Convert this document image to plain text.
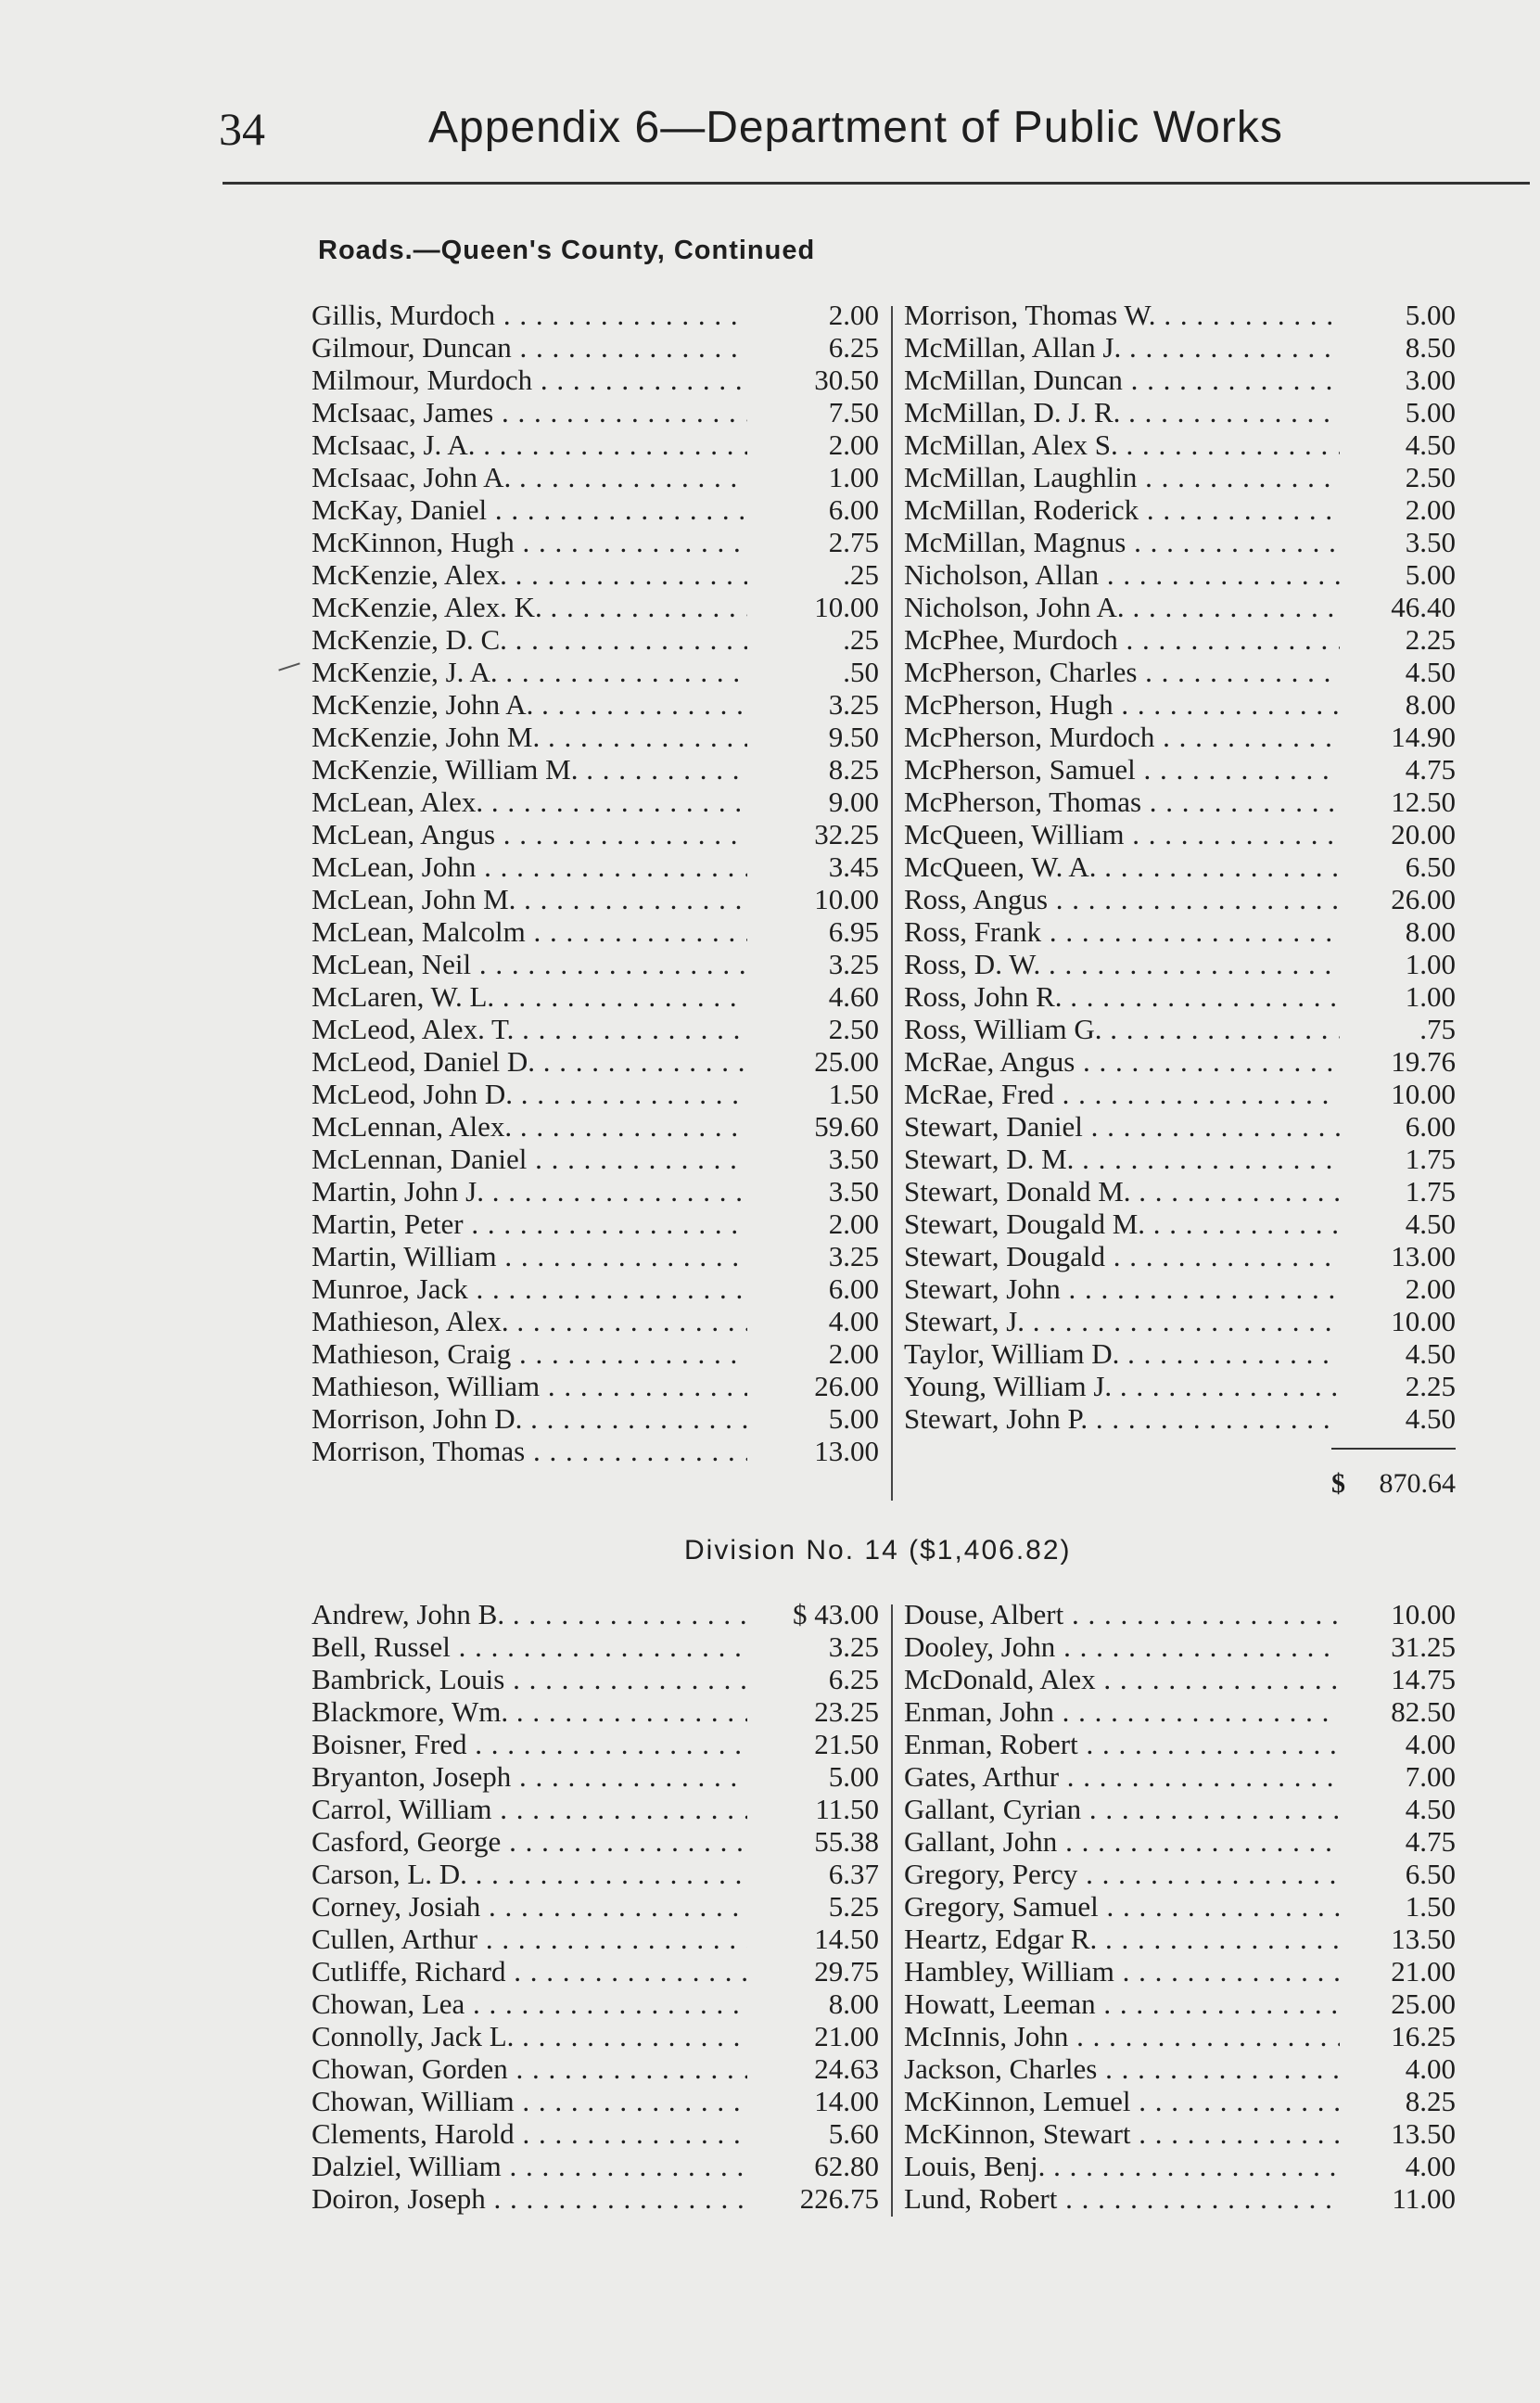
34	Appendix 6—Department of Public Works
Roads.—Queen's County, Continued
Gillis, Murdoch . . .	2.00
Gilmour, Duncan . . .	6.25
Milmour, Murdoch . . .	30.50
McIsaac, James . . .	7.50
McIsaac, J. A. . . .	2.00
McIsaac, John A. . . .	1.00
McKay, Daniel . . .	6.00
McKinnon, Hugh . . .	2.75
McKenzie, Alex. . . .	.25
McKenzie, Alex. K. . . .	10.00
McKenzie, D. C. . . .	.25
McKenzie, J. A. . . .	.50
McKenzie, John A. . . .	3.25
McKenzie, John M. . . .	9.50
McKenzie, William M. . . .	8.25
McLean, Alex. . . .	9.00
McLean, Angus . . .	32.25
McLean, John . . .	3.45
McLean, John M. . . .	10.00
McLean, Malcolm . . .	6.95
McLean, Neil . . .	3.25
McLaren, W. L. . . .	4.60
McLeod, Alex. T. . . .	2.50
McLeod, Daniel D. . . .	25.00
McLeod, John D. . . .	1.50
McLennan, Alex. . . .	59.60
McLennan, Daniel . . .	3.50
Martin, John J. . . .	3.50
Martin, Peter . . .	2.00
Martin, William . . .	3.25
Munroe, Jack . . .	6.00
Mathieson, Alex. . . .	4.00
Mathieson, Craig . . .	2.00
Mathieson, William . . .	26.00
Morrison, John D. . . .	5.00
Morrison, Thomas . . .	13.00
Morrison, Thomas W. . . .	5.00
McMillan, Allan J. . . .	8.50
McMillan, Duncan . . .	3.00
McMillan, D. J. R. . . .	5.00
McMillan, Alex S. . . .	4.50
McMillan, Laughlin . . .	2.50
McMillan, Roderick . . .	2.00
McMillan, Magnus . . .	3.50
Nicholson, Allan . . .	5.00
Nicholson, John A. . . .	46.40
McPhee, Murdoch . . .	2.25
McPherson, Charles . . .	4.50
McPherson, Hugh . . .	8.00
McPherson, Murdoch . . .	14.90
McPherson, Samuel . . .	4.75
McPherson, Thomas . . .	12.50
McQueen, William . . .	20.00
McQueen, W. A. . . .	6.50
Ross, Angus . . .	26.00
Ross, Frank . . .	8.00
Ross, D. W. . . .	1.00
Ross, John R. . . .	1.00
Ross, William G. . . .	.75
McRae, Angus . . .	19.76
McRae, Fred . . .	10.00
Stewart, Daniel . . .	6.00
Stewart, D. M. . . .	1.75
Stewart, Donald M. . . .	1.75
Stewart, Dougald M. . . .	4.50
Stewart, Dougald . . .	13.00
Stewart, John . . .	2.00
Stewart, J. . . .	10.00
Taylor, William D. . . .	4.50
Young, William J. . . .	2.25
Stewart, John P. . . .	4.50
$ 870.64
Division No. 14 ($1,406.82)
Andrew, John B. . . .	$ 43.00
Bell, Russel . . .	3.25
Bambrick, Louis . . .	6.25
Blackmore, Wm. . . .	23.25
Boisner, Fred . . .	21.50
Bryanton, Joseph . . .	5.00
Carrol, William . . .	11.50
Casford, George . . .	55.38
Carson, L. D. . . .	6.37
Corney, Josiah . . .	5.25
Cullen, Arthur . . .	14.50
Cutliffe, Richard . . .	29.75
Chowan, Lea . . .	8.00
Connolly, Jack L. . . .	21.00
Chowan, Gorden . . .	24.63
Chowan, William . . .	14.00
Clements, Harold . . .	5.60
Dalziel, William . . .	62.80
Doiron, Joseph . . .	226.75
Douse, Albert . . .	10.00
Dooley, John . . .	31.25
McDonald, Alex . . .	14.75
Enman, John . . .	82.50
Enman, Robert . . .	4.00
Gates, Arthur . . .	7.00
Gallant, Cyrian . . .	4.50
Gallant, John . . .	4.75
Gregory, Percy . . .	6.50
Gregory, Samuel . . .	1.50
Heartz, Edgar R. . . .	13.50
Hambley, William . . .	21.00
Howatt, Leeman . . .	25.00
McInnis, John . . .	16.25
Jackson, Charles . . .	4.00
McKinnon, Lemuel . . .	8.25
McKinnon, Stewart . . .	13.50
Louis, Benj. . . .	4.00
Lund, Robert . . .	11.00
